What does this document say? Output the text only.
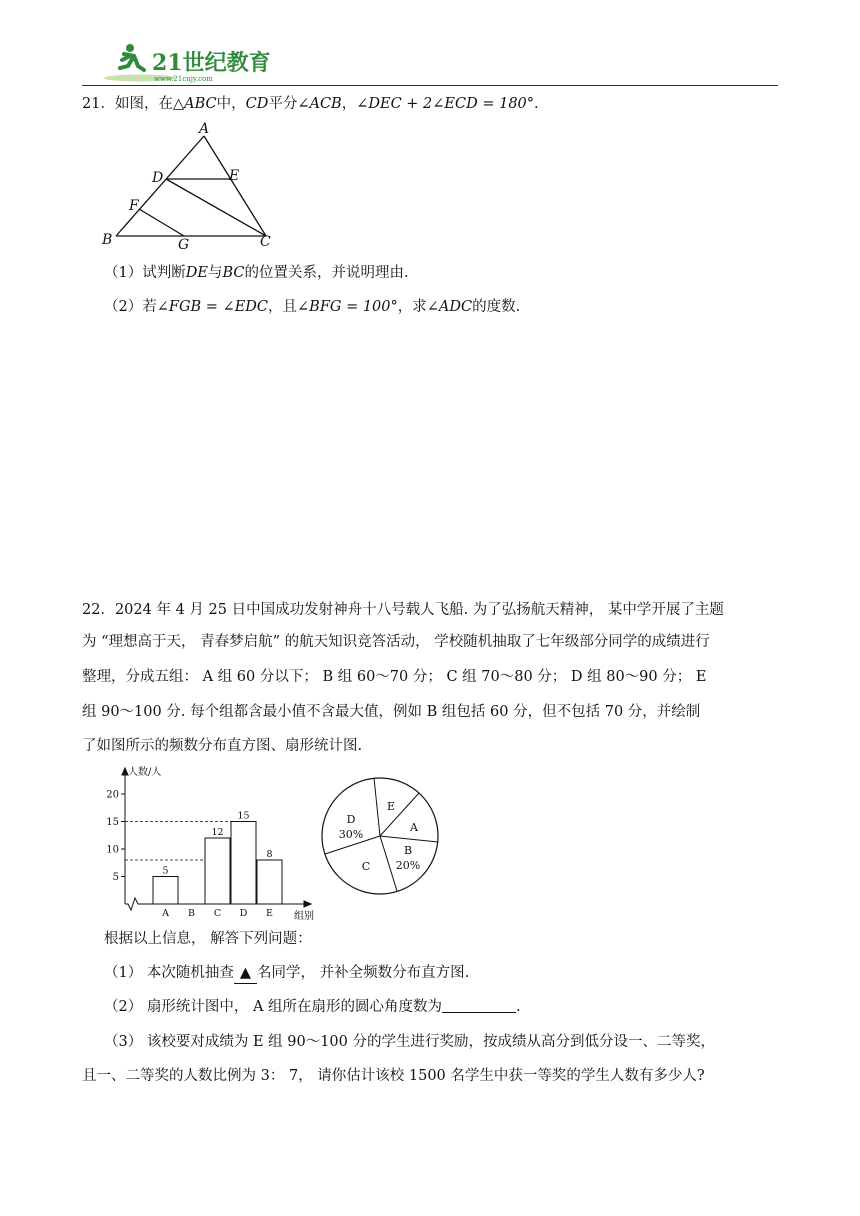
21世纪教育
www.21cnjy.com
21．如图，在△ABC中，CD平分∠ACB，∠DEC + 2∠ECD = 180°.
A
D	E
F
B	G	C
（1）试判断DE与BC的位置关系，并说明理由.
（2）若∠FGB = ∠EDC，且∠BFG = 100°，求∠ADC的度数.
22．2024 年 4 月 25 日中国成功发射神舟十八号载人飞船. 为了弘扬航天精神， 某中学开展了主题
为 “理想高于天， 青春梦启航” 的航天知识竞答活动， 学校随机抽取了七年级部分同学的成绩进行
整理，分成五组： A 组 60 分以下； B 组 60～70 分； C 组 70～80 分； D 组 80～90 分； E
组 90～100 分. 每个组都含最小值不含最大值，例如 B 组包括 60 分，但不包括 70 分，并绘制
了如图所示的频数分布直方图、扇形统计图.
人数/人
组别
5
10
15
20
5
A B
12
C
15
D
8
E
D
30%
E
A
B
20%
C
根据以上信息， 解答下列问题：
（1） 本次随机抽查 ▲ 名同学， 并补全频数分布直方图.
（2） 扇形统计图中， A 组所在扇形的圆心角度数为	.
（3） 该校要对成绩为 E 组 90～100 分的学生进行奖励，按成绩从高分到低分设一、二等奖，
且一、二等奖的人数比例为 3： 7， 请你估计该校 1500 名学生中获一等奖的学生人数有多少人?
